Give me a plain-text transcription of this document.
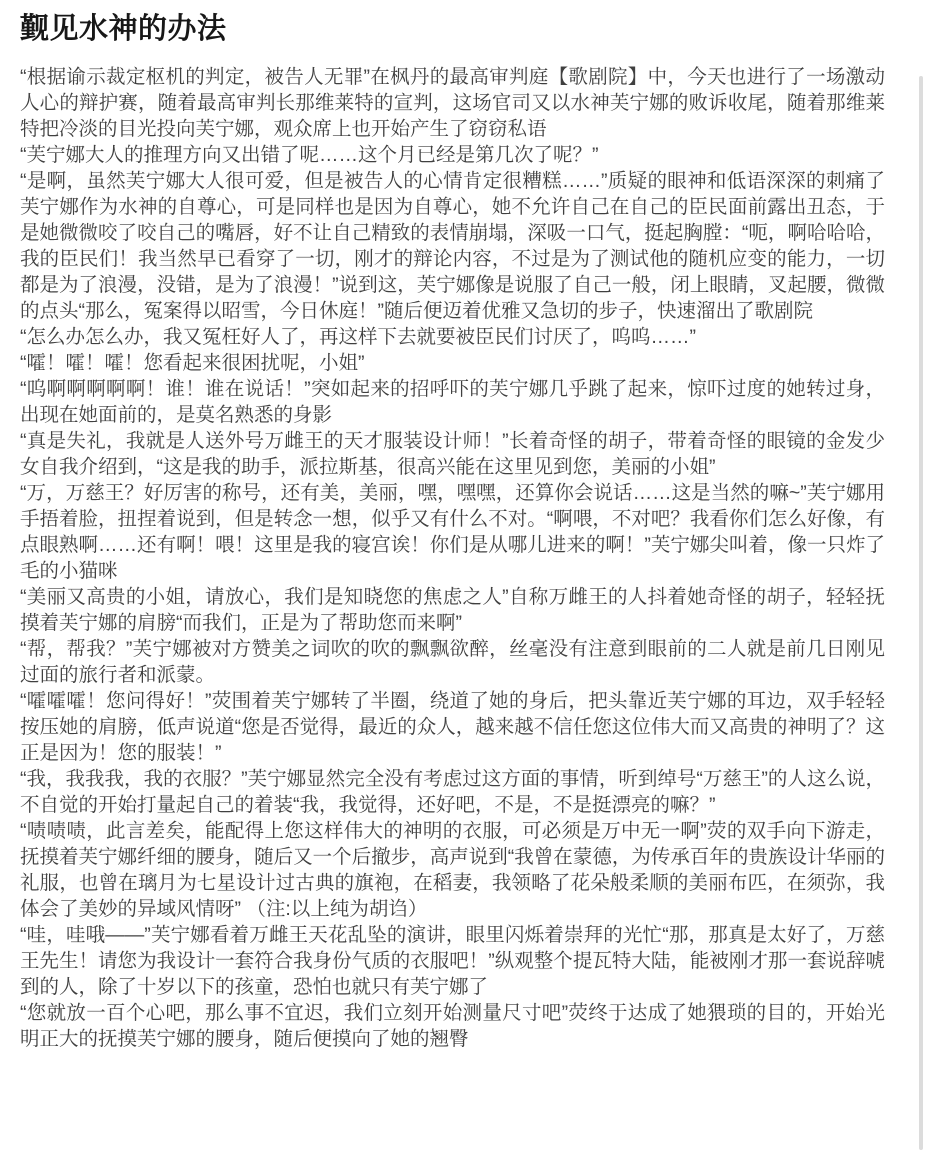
觐见水神的办法

“根据谕示裁定枢机的判定，被告人无罪”在枫丹的最高审判庭【歌剧院】中，今天也进行了一场激动人心的辩护赛，随着最高审判长那维莱特的宣判，这场官司又以水神芙宁娜的败诉收尾，随着那维莱特把冷淡的目光投向芙宁娜，观众席上也开始产生了窃窃私语

“芙宁娜大人的推理方向又出错了呢……这个月已经是第几次了呢？”

“是啊，虽然芙宁娜大人很可爱，但是被告人的心情肯定很糟糕……”质疑的眼神和低语深深的刺痛了芙宁娜作为水神的自尊心，可是同样也是因为自尊心，她不允许自己在自己的臣民面前露出丑态，于是她微微咬了咬自己的嘴唇，好不让自己精致的表情崩塌，深吸一口气，挺起胸膛：“呃，啊哈哈哈，我的臣民们！我当然早已看穿了一切，刚才的辩论内容，不过是为了测试他的随机应变的能力，一切都是为了浪漫，没错，是为了浪漫！”说到这，芙宁娜像是说服了自己一般，闭上眼睛，叉起腰，微微的点头“那么，冤案得以昭雪，今日休庭！”随后便迈着优雅又急切的步子，快速溜出了歌剧院

“怎么办怎么办，我又冤枉好人了，再这样下去就要被臣民们讨厌了，呜呜……”

“嚯！嚯！嚯！您看起来很困扰呢，小姐”

“呜啊啊啊啊啊！谁！谁在说话！”突如起来的招呼吓的芙宁娜几乎跳了起来，惊吓过度的她转过身，出现在她面前的，是莫名熟悉的身影

“真是失礼，我就是人送外号万雌王的天才服装设计师！”长着奇怪的胡子，带着奇怪的眼镜的金发少女自我介绍到，“这是我的助手，派拉斯基，很高兴能在这里见到您，美丽的小姐”

“万，万慈王？好厉害的称号，还有美，美丽，嘿，嘿嘿，还算你会说话……这是当然的嘛~”芙宁娜用手捂着脸，扭捏着说到，但是转念一想，似乎又有什么不对。“啊喂，不对吧？我看你们怎么好像，有点眼熟啊……还有啊！喂！这里是我的寝宫诶！你们是从哪儿进来的啊！”芙宁娜尖叫着，像一只炸了毛的小猫咪

“美丽又高贵的小姐，请放心，我们是知晓您的焦虑之人”自称万雌王的人抖着她奇怪的胡子，轻轻抚摸着芙宁娜的肩膀“而我们，正是为了帮助您而来啊”

“帮，帮我？”芙宁娜被对方赞美之词吹的吹的飘飘欲醉，丝毫没有注意到眼前的二人就是前几日刚见过面的旅行者和派蒙。

“嚯嚯嚯！您问得好！”荧围着芙宁娜转了半圈，绕道了她的身后，把头靠近芙宁娜的耳边，双手轻轻按压她的肩膀，低声说道“您是否觉得，最近的众人，越来越不信任您这位伟大而又高贵的神明了？这正是因为！您的服装！”

“我，我我我，我的衣服？”芙宁娜显然完全没有考虑过这方面的事情，听到绰号“万慈王”的人这么说，不自觉的开始打量起自己的着装“我，我觉得，还好吧，不是，不是挺漂亮的嘛？”

“啧啧啧，此言差矣，能配得上您这样伟大的神明的衣服，可必须是万中无一啊”荧的双手向下游走，抚摸着芙宁娜纤细的腰身，随后又一个后撤步，高声说到“我曾在蒙德，为传承百年的贵族设计华丽的礼服，也曾在璃月为七星设计过古典的旗袍，在稻妻，我领略了花朵般柔顺的美丽布匹，在须弥，我体会了美妙的异域风情呀” （注:以上纯为胡诌）

“哇，哇哦——”芙宁娜看着万雌王天花乱坠的演讲，眼里闪烁着崇拜的光忙“那，那真是太好了，万慈王先生！请您为我设计一套符合我身份气质的衣服吧！”纵观整个提瓦特大陆，能被刚才那一套说辞唬到的人，除了十岁以下的孩童，恐怕也就只有芙宁娜了

“您就放一百个心吧，那么事不宜迟，我们立刻开始测量尺寸吧”荧终于达成了她猥琐的目的，开始光明正大的抚摸芙宁娜的腰身，随后便摸向了她的翘臀
